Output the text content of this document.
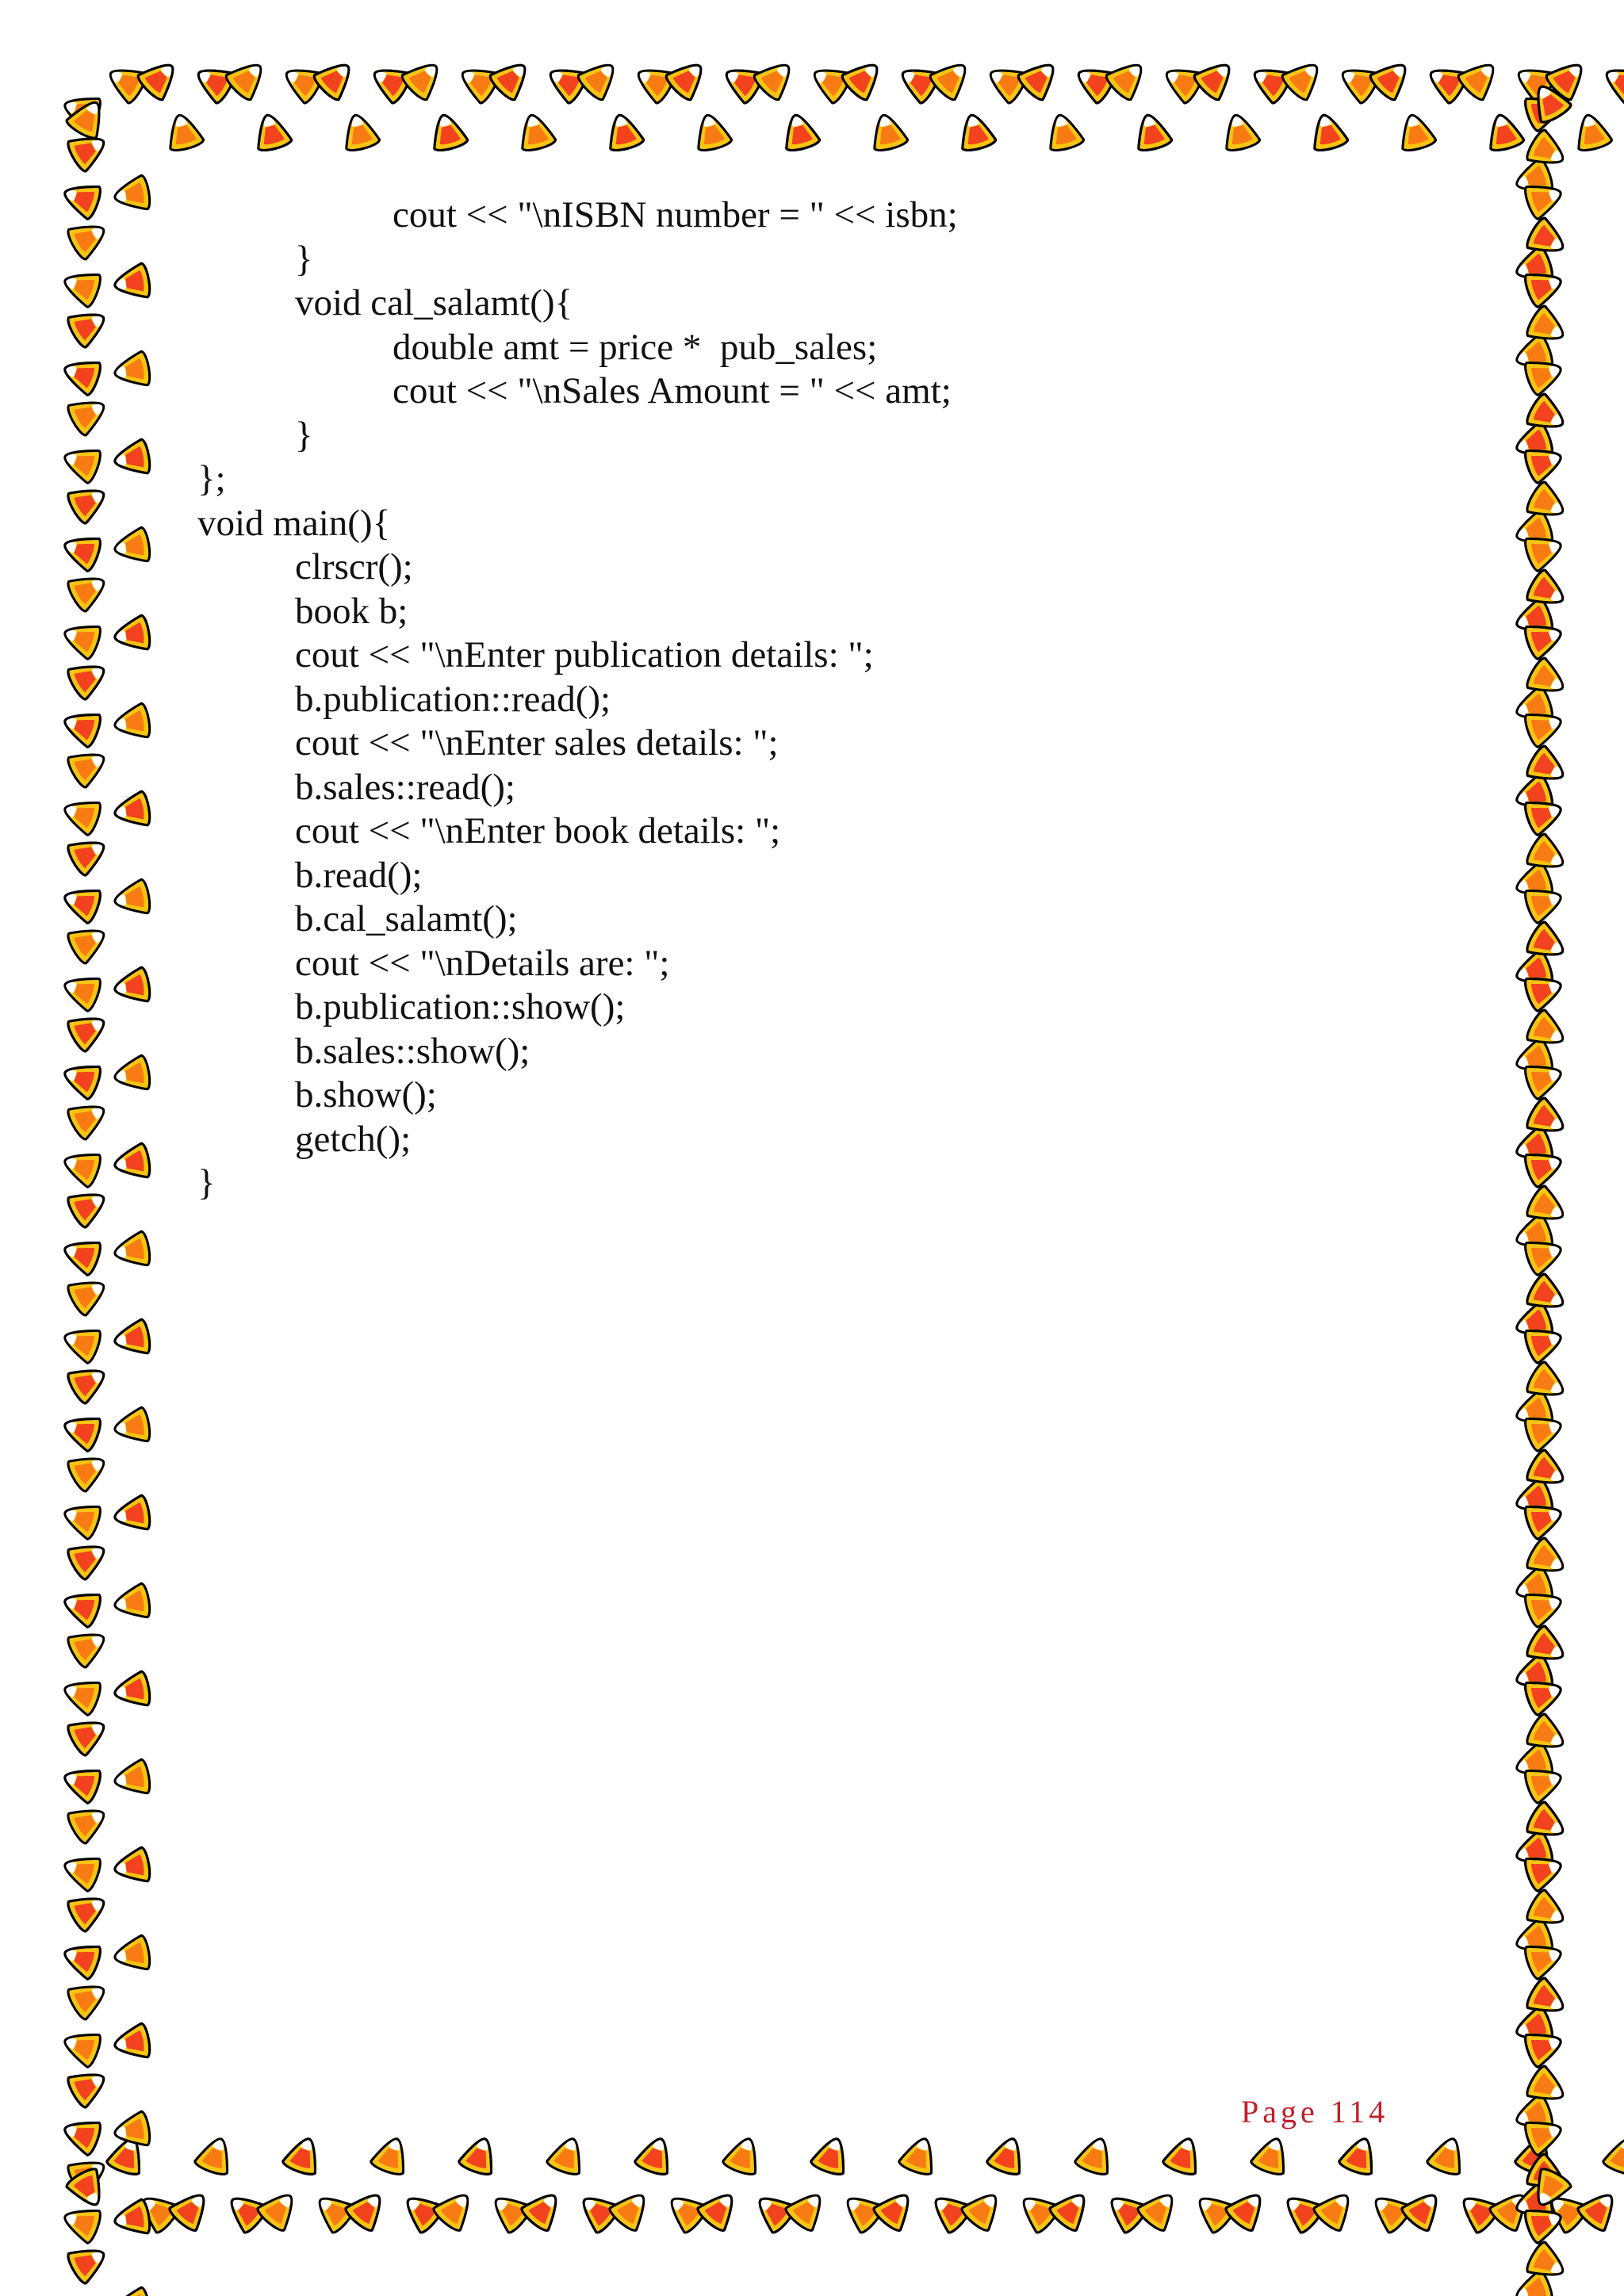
cout << "\nISBN number = " << isbn;
}
void cal_salamt(){
double amt = price *  pub_sales;
cout << "\nSales Amount = " << amt;
}
};
void main(){
clrscr();
book b;
cout << "\nEnter publication details: ";
b.publication::read();
cout << "\nEnter sales details: ";
b.sales::read();
cout << "\nEnter book details: ";
b.read();
b.cal_salamt();
cout << "\nDetails are: ";
b.publication::show();
b.sales::show();
b.show();
getch();
}
Page 114
